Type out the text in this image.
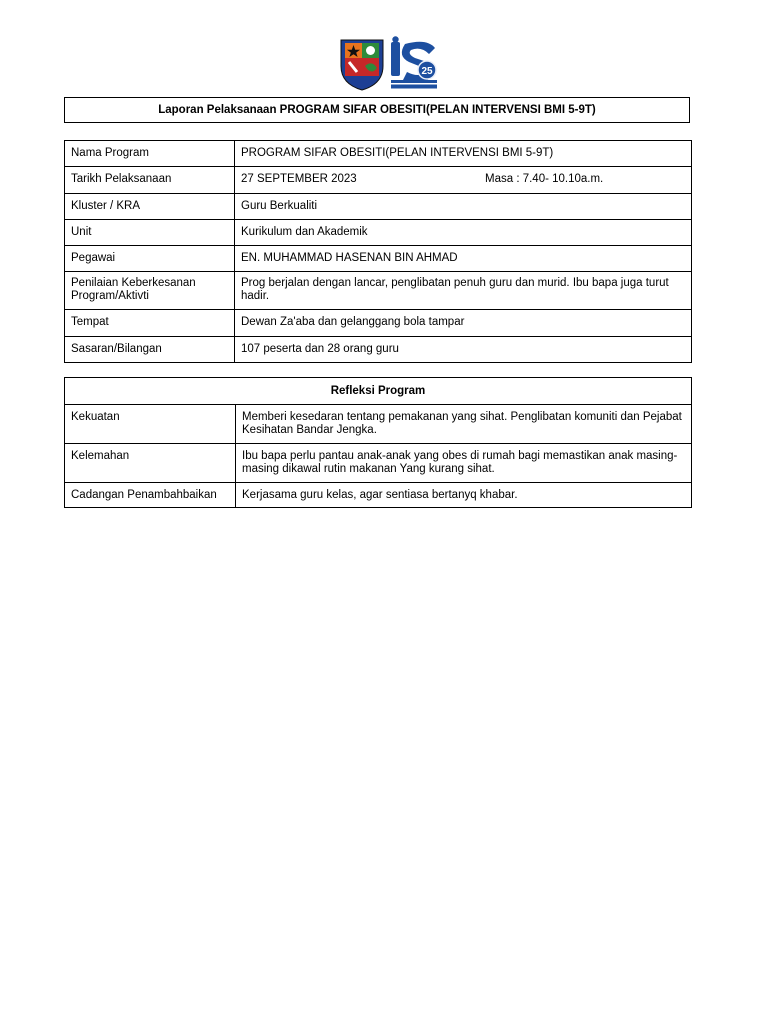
25
Laporan Pelaksanaan PROGRAM SIFAR OBESITI(PELAN INTERVENSI BMI 5-9T)
Nama Program	PROGRAM SIFAR OBESITI(PELAN INTERVENSI BMI 5-9T)
Tarikh Pelaksanaan	27 SEPTEMBER 2023 Masa : 7.40- 10.10a.m.

Kluster / KRA	Guru Berkualiti
Unit	Kurikulum dan Akademik
Pegawai	EN. MUHAMMAD HASENAN BIN AHMAD
Penilaian Keberkesanan Program/Aktivti	Prog berjalan dengan lancar, penglibatan penuh guru dan murid. Ibu bapa juga turut hadir.
Tempat	Dewan Za'aba dan gelanggang bola tampar
Sasaran/Bilangan	107 peserta dan 28 orang guru
Refleksi Program	
Kekuatan	Memberi kesedaran tentang pemakanan yang sihat. Penglibatan komuniti dan Pejabat Kesihatan Bandar Jengka.
Kelemahan	Ibu bapa perlu pantau anak-anak yang obes di rumah bagi memastikan anak masing-masing dikawal rutin makanan Yang kurang sihat.
Cadangan Penambahbaikan	Kerjasama guru kelas, agar sentiasa bertanyq khabar.
